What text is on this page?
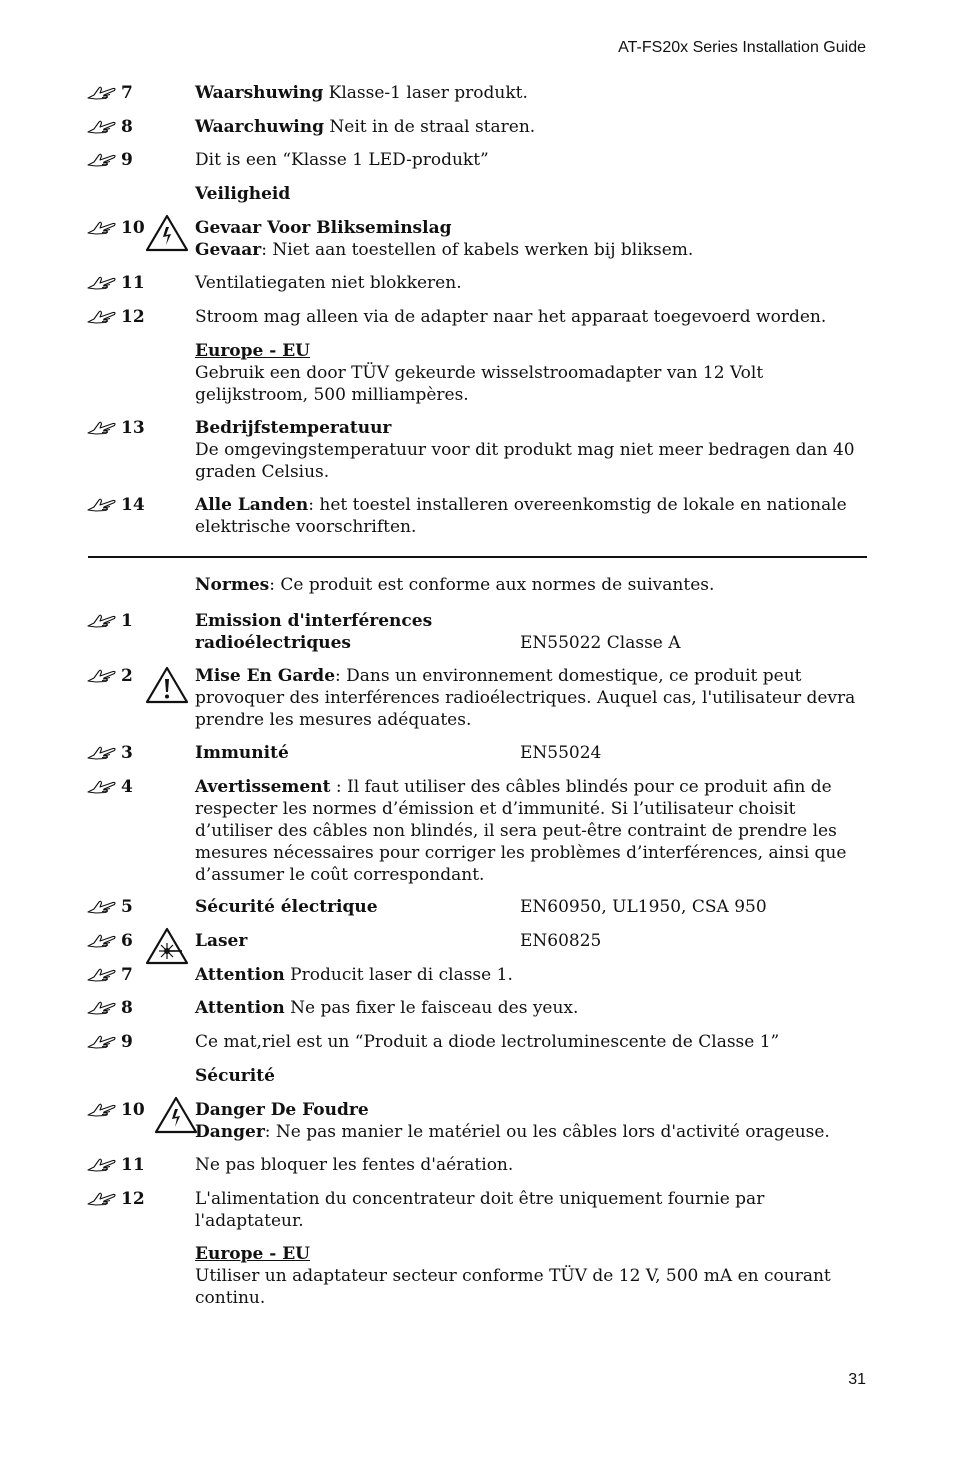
AT-FS20x Series Installation Guide
7	Waarshuwing Klasse-1 laser produkt.
8	Waarchuwing Neit in de straal staren.
9	Dit is een “Klasse 1 LED-produkt”
Veiligheid
10	Gevaar Voor Blikseminslag
Gevaar: Niet aan toestellen of kabels werken bij bliksem.
11	Ventilatiegaten niet blokkeren.
12	Stroom mag alleen via de adapter naar het apparaat toegevoerd worden.
Europe - EU
Gebruik een door TÜV gekeurde wisselstroomadapter van 12 Volt
gelijkstroom, 500 milliampères.
13	Bedrijfstemperatuur
De omgevingstemperatuur voor dit produkt mag niet meer bedragen dan 40
graden Celsius.
14	Alle Landen: het toestel installeren overeenkomstig de lokale en nationale
elektrische voorschriften.
Normes: Ce produit est conforme aux normes de suivantes.
1	Emission d'interférences
radioélectriques	EN55022 Classe A
2	Mise En Garde: Dans un environnement domestique, ce produit peut
provoquer des interférences radioélectriques. Auquel cas, l'utilisateur devra
prendre les mesures adéquates.
3	Immunité	EN55024
4	Avertissement : Il faut utiliser des câbles blindés pour ce produit afin de
respecter les normes d’émission et d’immunité. Si l’utilisateur choisit
d’utiliser des câbles non blindés, il sera peut-être contraint de prendre les
mesures nécessaires pour corriger les problèmes d’interférences, ainsi que
d’assumer le coût correspondant.
5	Sécurité électrique	EN60950, UL1950, CSA 950
6	Laser	EN60825
7	Attention Producit laser di classe 1.
8	Attention Ne pas fixer le faisceau des yeux.
9	Ce mat,riel est un “Produit a diode lectroluminescente de Classe 1”
Sécurité
10	Danger De Foudre
Danger: Ne pas manier le matériel ou les câbles lors d'activité orageuse.
11	Ne pas bloquer les fentes d'aération.
12	L'alimentation du concentrateur doit être uniquement fournie par
l'adaptateur.
Europe - EU
Utiliser un adaptateur secteur conforme TÜV de 12 V, 500 mA en courant
continu.
31
